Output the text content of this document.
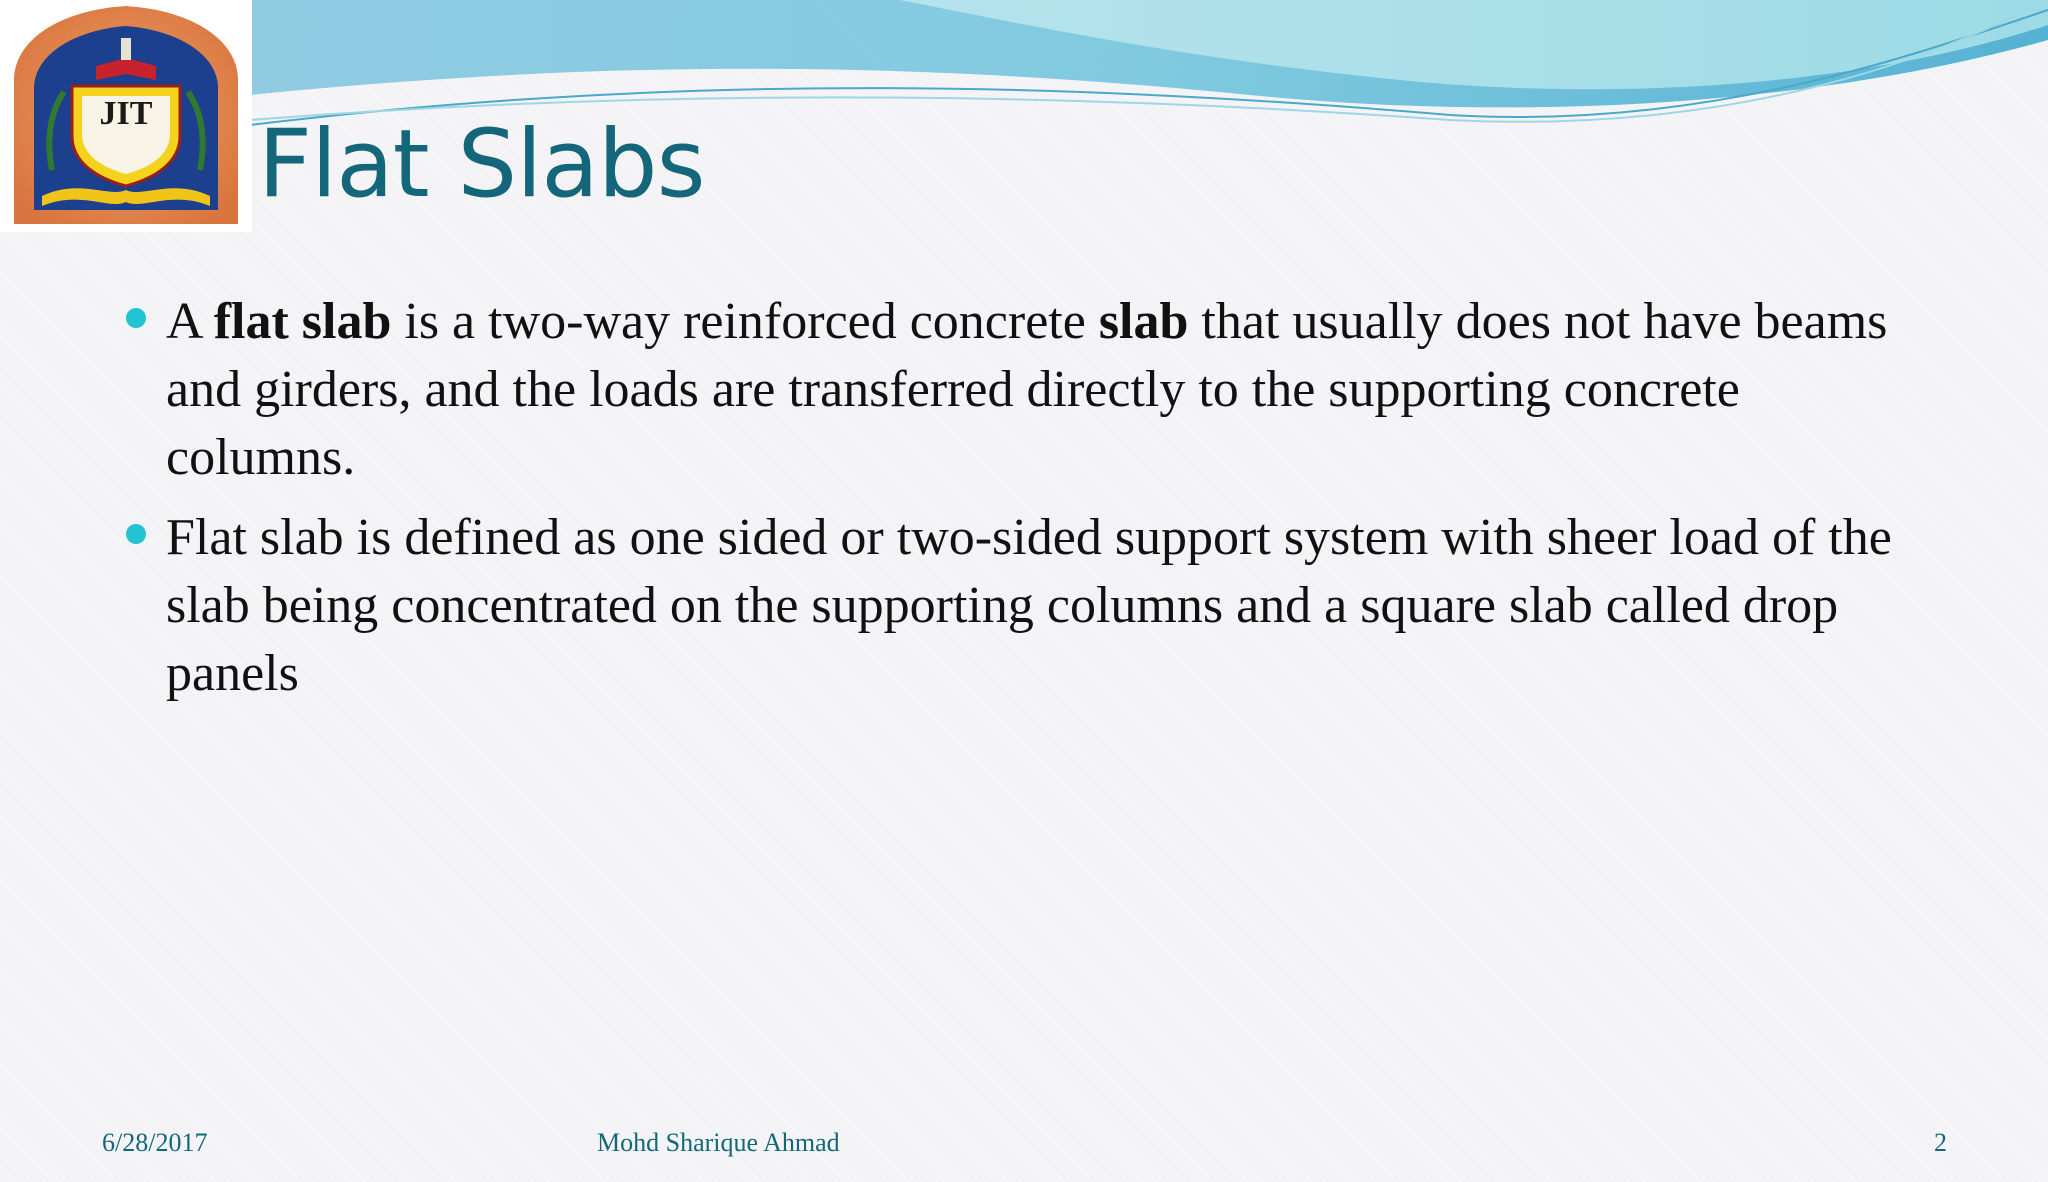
JIT Flat Slabs
A flat slab is a two-way reinforced concrete slab that usually does not have beams and girders, and the loads are transferred directly to the supporting concrete columns.
Flat slab is defined as one sided or two-sided support system with sheer load of the slab being concentrated on the supporting columns and a square slab called drop panels
6/28/2017	Mohd Sharique Ahmad	2
